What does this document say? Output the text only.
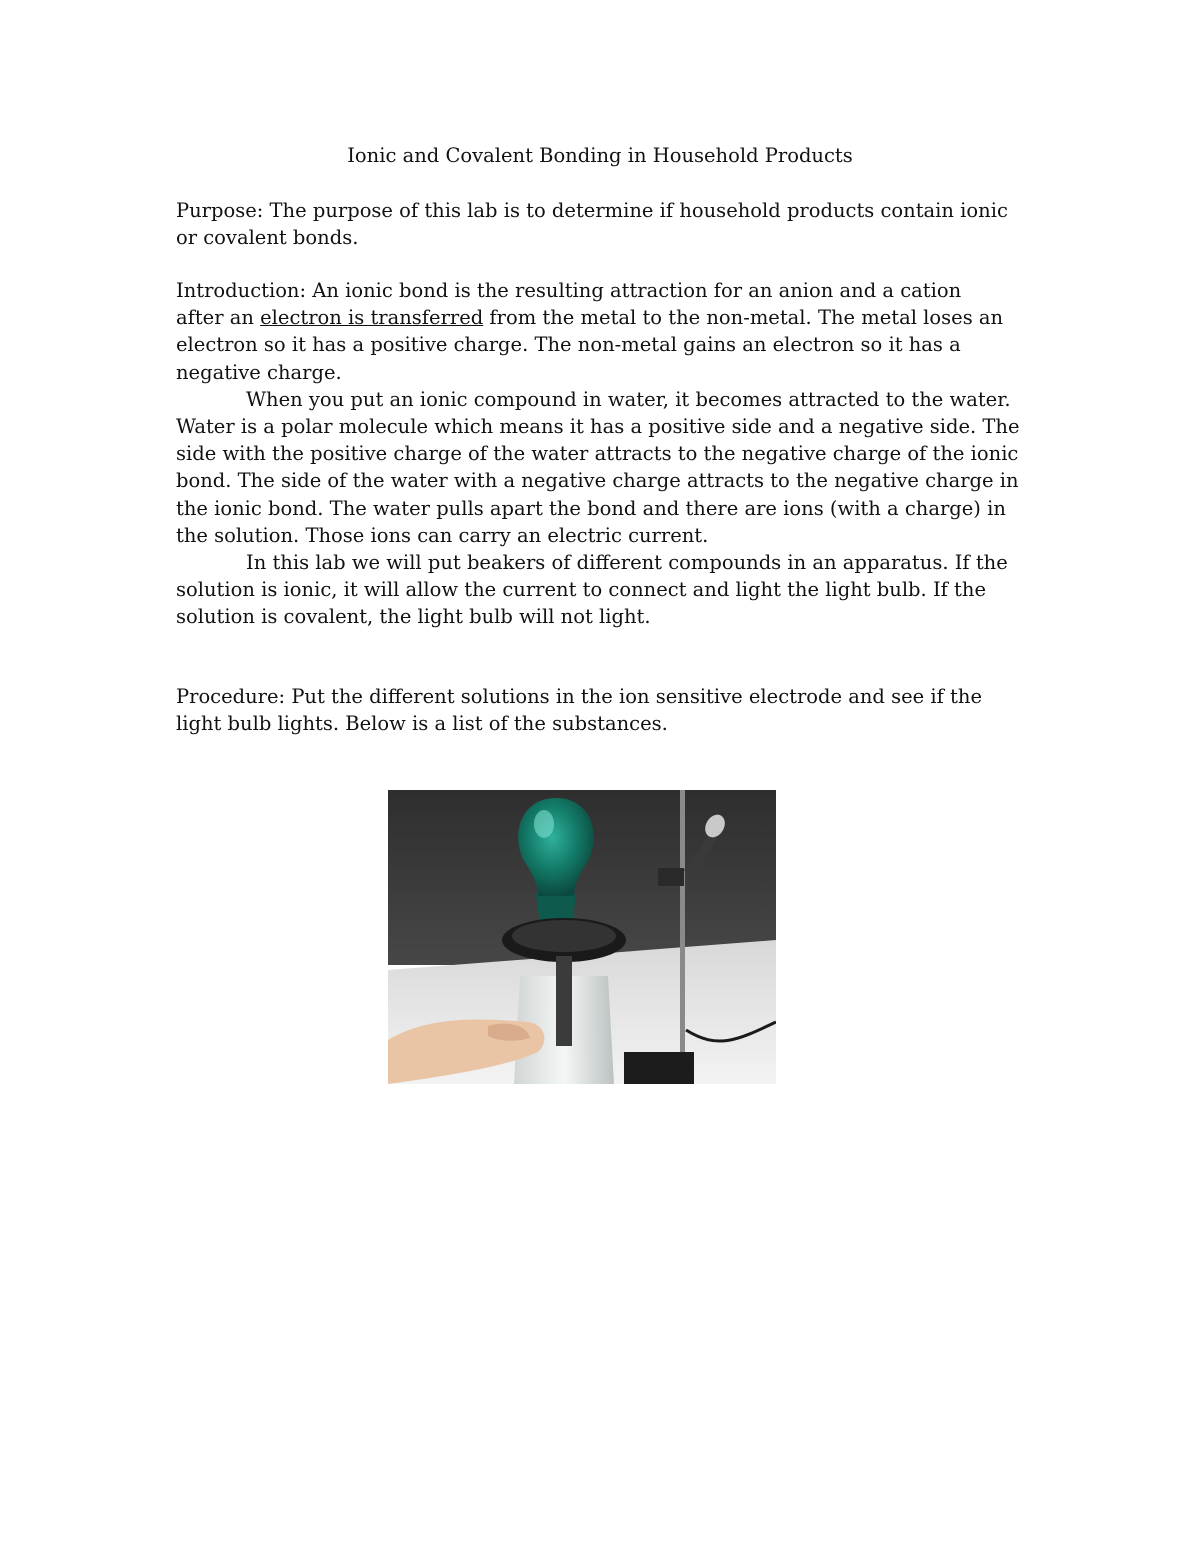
Ionic and Covalent Bonding in Household Products
Purpose: The purpose of this lab is to determine if household products contain ionic
or covalent bonds.
Introduction: An ionic bond is the resulting attraction for an anion and a cation
after an electron is transferred from the metal to the non-metal. The metal loses an
electron so it has a positive charge. The non-metal gains an electron so it has a
negative charge.
When you put an ionic compound in water, it becomes attracted to the water.
Water is a polar molecule which means it has a positive side and a negative side. The
side with the positive charge of the water attracts to the negative charge of the ionic
bond. The side of the water with a negative charge attracts to the negative charge in
the ionic bond. The water pulls apart the bond and there are ions (with a charge) in
the solution. Those ions can carry an electric current.
In this lab we will put beakers of different compounds in an apparatus. If the
solution is ionic, it will allow the current to connect and light the light bulb. If the
solution is covalent, the light bulb will not light.
Procedure: Put the different solutions in the ion sensitive electrode and see if the
light bulb lights. Below is a list of the substances.
